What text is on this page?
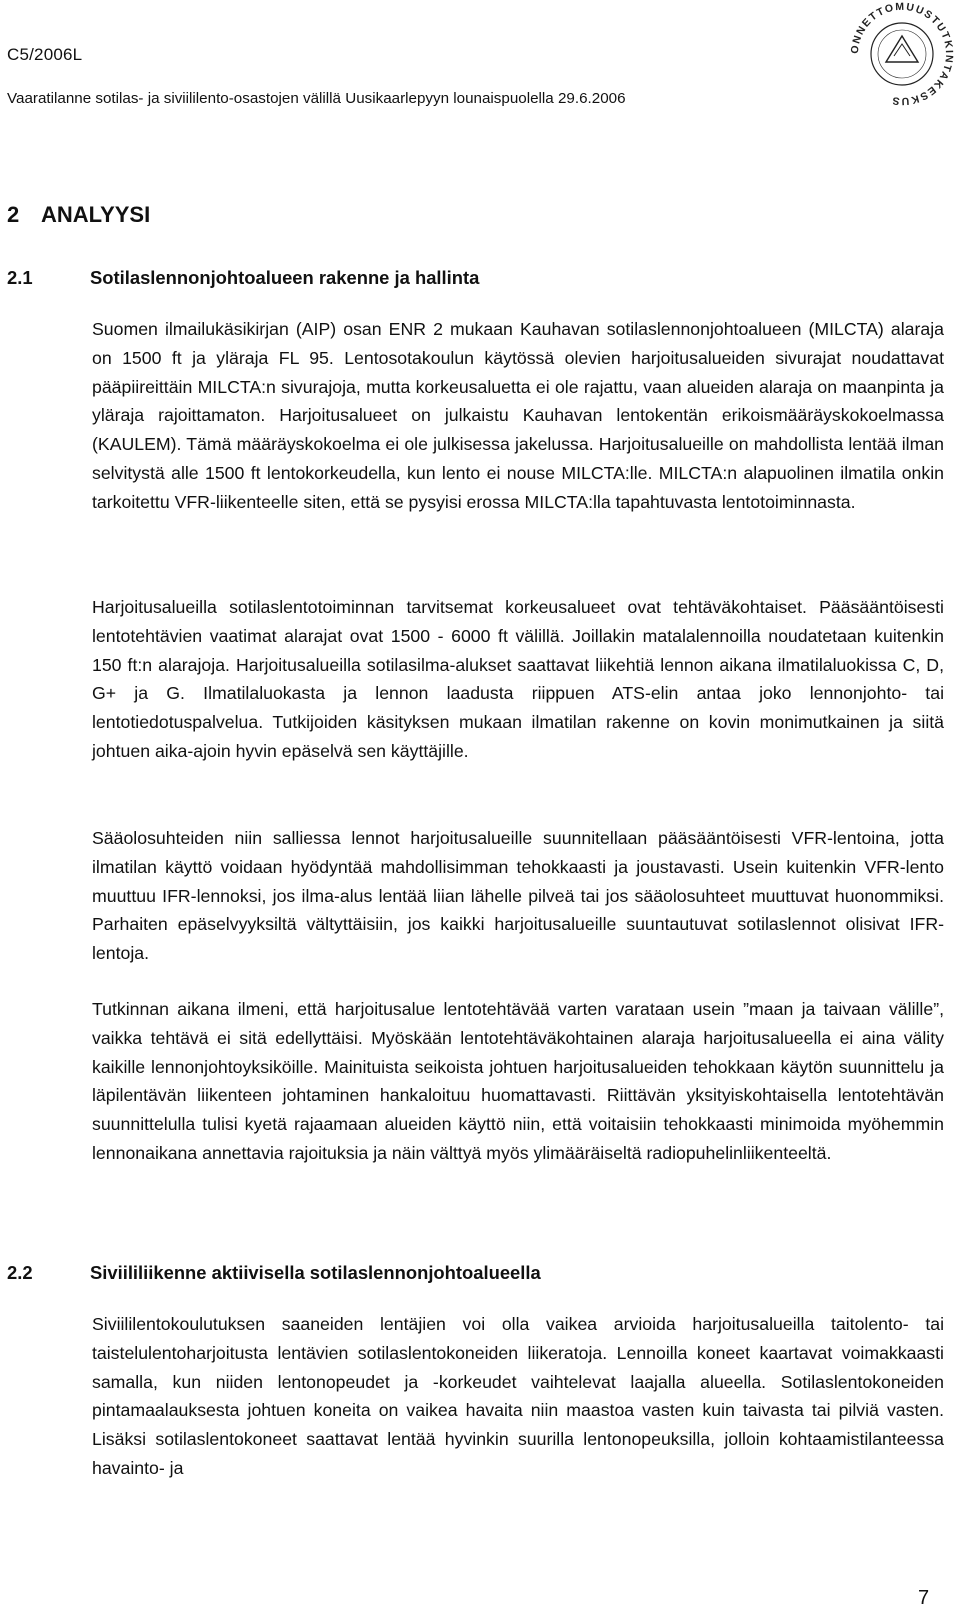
C5/2006L
Vaaratilanne sotilas- ja siviililento-osastojen välillä Uusikaarlepyyn lounaispuolella 29.6.2006
ONNETTOMUUSTUTKINTAKESKUS
2 ANALYYSI
2.1	Sotilaslennonjohtoalueen rakenne ja hallinta

Suomen ilmailukäsikirjan (AIP) osan ENR 2 mukaan Kauhavan sotilaslennonjohtoalueen (MILCTA) alaraja on 1500 ft ja yläraja FL 95. Lentosotakoulun käytössä olevien harjoitusalueiden sivurajat noudattavat pääpiireittäin MILCTA:n sivurajoja, mutta korkeusaluetta ei ole rajattu, vaan alueiden alaraja on maanpinta ja yläraja rajoittamaton. Harjoitusalueet on julkaistu Kauhavan lentokentän erikoismääräyskokoelmassa (KAULEM). Tämä määräyskokoelma ei ole julkisessa jakelussa. Harjoitusalueille on mahdollista lentää ilman selvitystä alle 1500 ft lentokorkeudella, kun lento ei nouse MILCTA:lle. MILCTA:n alapuolinen ilmatila onkin tarkoitettu VFR-liikenteelle siten, että se pysyisi erossa MILCTA:lla tapahtuvasta lentotoiminnasta.

Harjoitusalueilla sotilaslentotoiminnan tarvitsemat korkeusalueet ovat tehtäväkohtaiset. Pääsääntöisesti lentotehtävien vaatimat alarajat ovat 1500 - 6000 ft välillä. Joillakin matalalennoilla noudatetaan kuitenkin 150 ft:n alarajoja. Harjoitusalueilla sotilasilma-alukset saattavat liikehtiä lennon aikana ilmatilaluokissa C, D, G+ ja G. Ilmatilaluokasta ja lennon laadusta riippuen ATS-elin antaa joko lennonjohto- tai lentotiedotuspalvelua. Tutkijoiden käsityksen mukaan ilmatilan rakenne on kovin monimutkainen ja siitä johtuen aika-ajoin hyvin epäselvä sen käyttäjille.

Sääolosuhteiden niin salliessa lennot harjoitusalueille suunnitellaan pääsääntöisesti VFR-lentoina, jotta ilmatilan käyttö voidaan hyödyntää mahdollisimman tehokkaasti ja joustavasti. Usein kuitenkin VFR-lento muuttuu IFR-lennoksi, jos ilma-alus lentää liian lähelle pilveä tai jos sääolosuhteet muuttuvat huonommiksi. Parhaiten epäselvyyksiltä vältyttäisiin, jos kaikki harjoitusalueille suuntautuvat sotilaslennot olisivat IFR-lentoja.

Tutkinnan aikana ilmeni, että harjoitusalue lentotehtävää varten varataan usein ”maan ja taivaan välille”, vaikka tehtävä ei sitä edellyttäisi. Myöskään lentotehtäväkohtainen alaraja harjoitusalueella ei aina välity kaikille lennonjohtoyksiköille. Mainituista seikoista johtuen harjoitusalueiden tehokkaan käytön suunnittelu ja läpilentävän liikenteen johtaminen hankaloituu huomattavasti. Riittävän yksityiskohtaisella lentotehtävän suunnittelulla tulisi kyetä rajaamaan alueiden käyttö niin, että voitaisiin tehokkaasti minimoida myöhemmin lennonaikana annettavia rajoituksia ja näin välttyä myös ylimääräiseltä radiopuhelinliikenteeltä.

2.2	Siviililiikenne aktiivisella sotilaslennonjohtoalueella

Siviililentokoulutuksen saaneiden lentäjien voi olla vaikea arvioida harjoitusalueilla taitolento- tai taistelulentoharjoitusta lentävien sotilaslentokoneiden liikeratoja. Lennoilla koneet kaartavat voimakkaasti samalla, kun niiden lentonopeudet ja -korkeudet vaihtelevat laajalla alueella. Sotilaslentokoneiden pintamaalauksesta johtuen koneita on vaikea havaita niin maastoa vasten kuin taivasta tai pilviä vasten. Lisäksi sotilaslentokoneet saattavat lentää hyvinkin suurilla lentonopeuksilla, jolloin kohtaamistilanteessa havainto- ja

7
